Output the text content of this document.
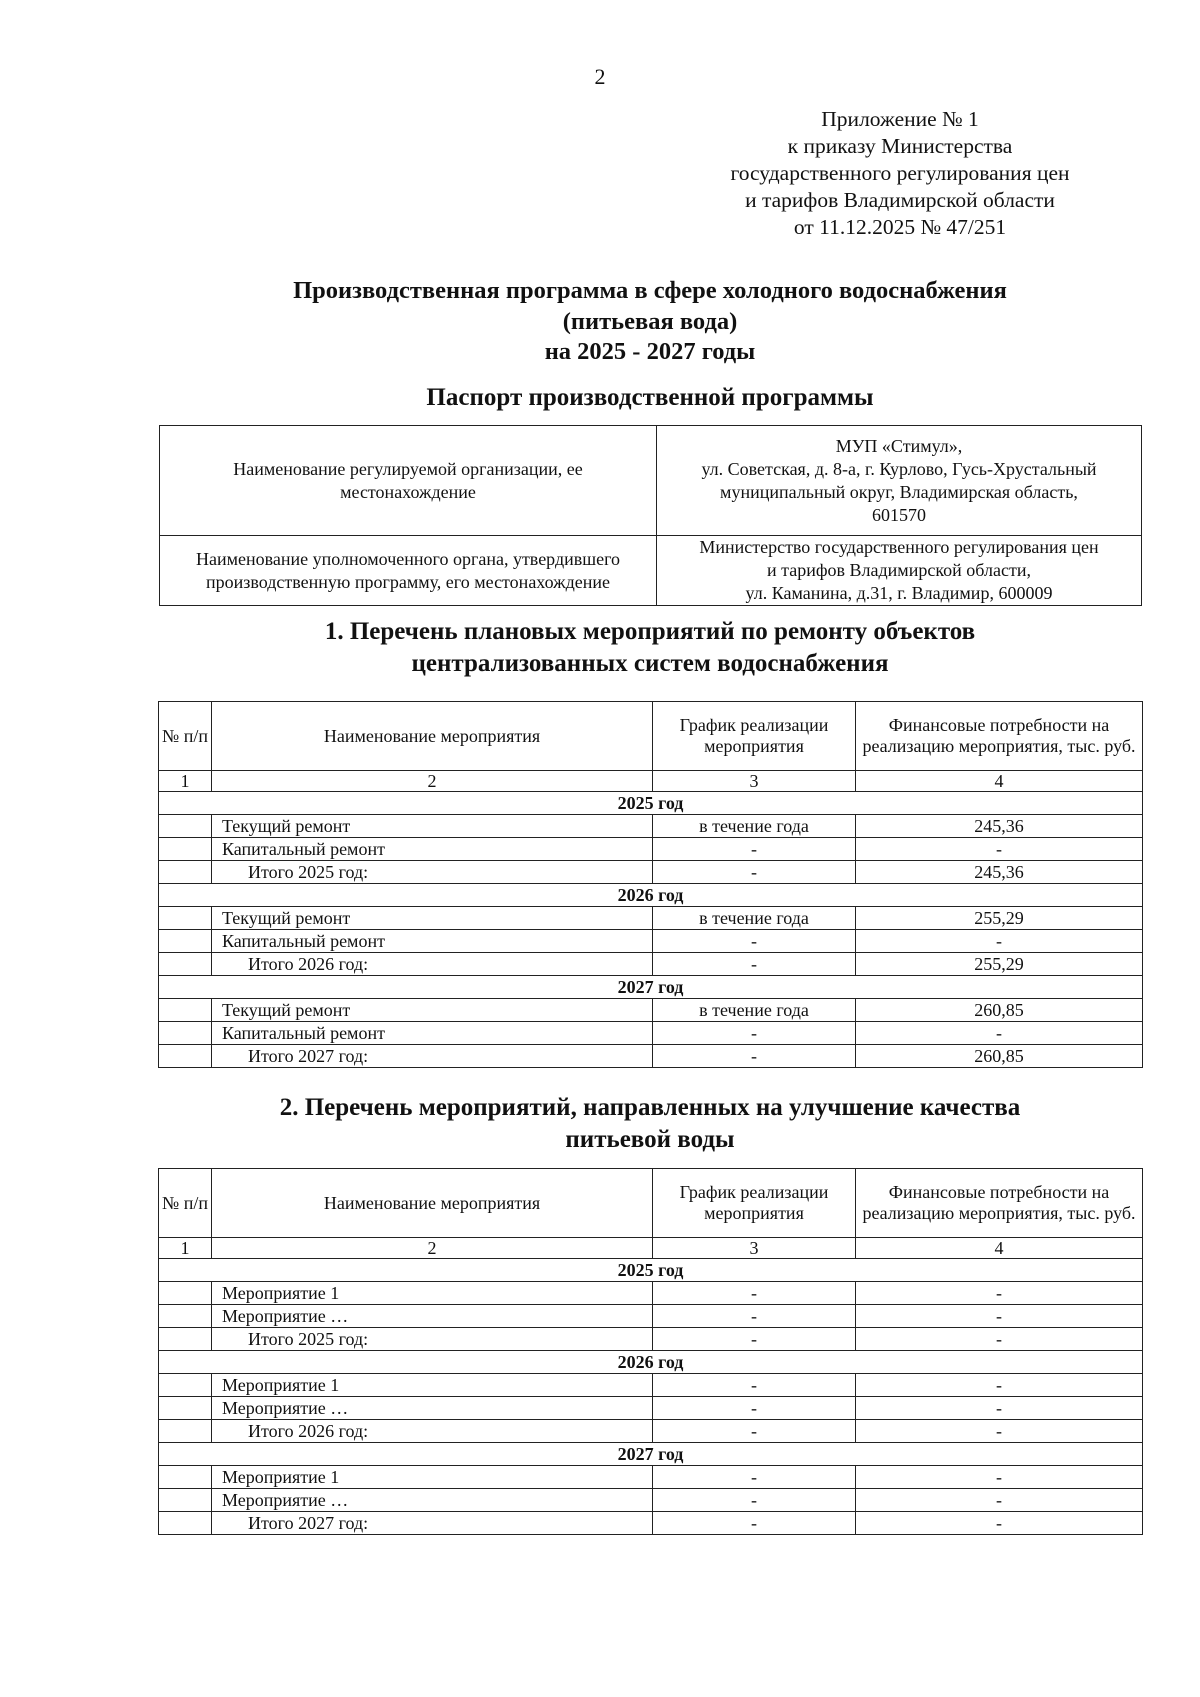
2
Приложение № 1
к приказу Министерства
государственного регулирования цен
и тарифов Владимирской области
от 11.12.2025 № 47/251
Производственная программа в сфере холодного водоснабжения
(питьевая вода)
на 2025 - 2027 годы
Паспорт производственной программы
Наименование регулируемой организации, ее местонахождение	МУП «Стимул»,
ул. Советская, д. 8-а, г. Курлово, Гусь-Хрустальный
муниципальный округ, Владимирская область,
601570

Наименование уполномоченного органа, утвердившего производственную программу, его местонахождение	Министерство государственного регулирования цен
и тарифов Владимирской области,
ул. Каманина, д.31, г. Владимир, 600009
1. Перечень плановых мероприятий по ремонту объектов
централизованных систем водоснабжения
№ п/п	Наименование мероприятия	График реализации мероприятия	Финансовые потребности на реализацию мероприятия, тыс. руб.
1	2	3	4
2025 год			
	Текущий ремонт	в течение года	245,36
	Капитальный ремонт	-	-
	Итого 2025 год:	-	245,36
2026 год			
	Текущий ремонт	в течение года	255,29
	Капитальный ремонт	-	-
	Итого 2026 год:	-	255,29
2027 год			
	Текущий ремонт	в течение года	260,85
	Капитальный ремонт	-	-
	Итого 2027 год:	-	260,85
2. Перечень мероприятий, направленных на улучшение качества
питьевой воды
№ п/п	Наименование мероприятия	График реализации мероприятия	Финансовые потребности на реализацию мероприятия, тыс. руб.
1	2	3	4
2025 год			
	Мероприятие 1	-	-
	Мероприятие …	-	-
	Итого 2025 год:	-	-
2026 год			
	Мероприятие 1	-	-
	Мероприятие …	-	-
	Итого 2026 год:	-	-
2027 год			
	Мероприятие 1	-	-
	Мероприятие …	-	-
	Итого 2027 год:	-	-
